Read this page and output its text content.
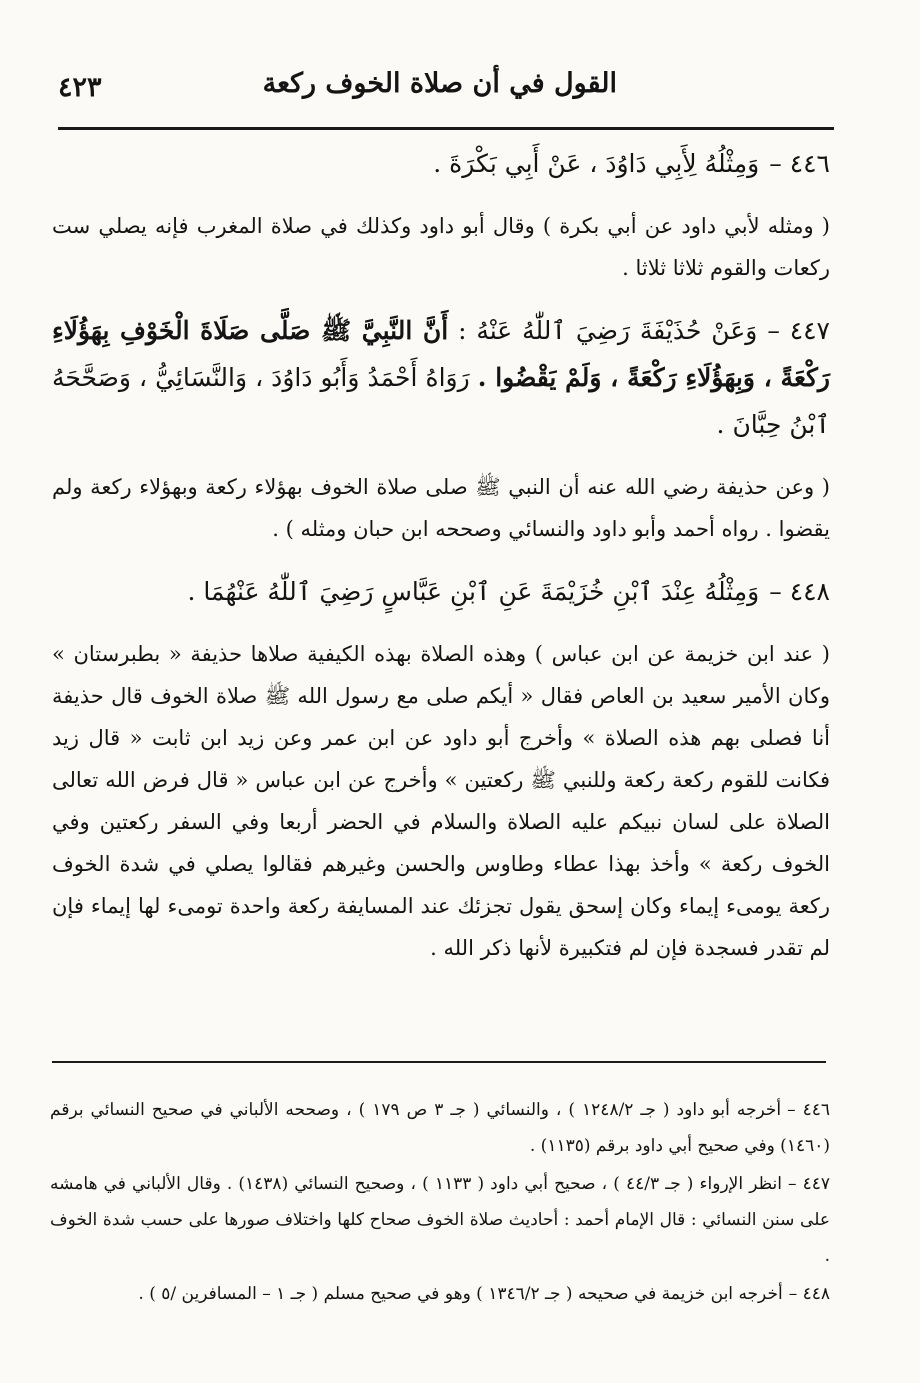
القول في أن صلاة الخوف ركعة
٤٢٣

٤٤٦ –وَمِثْلُهُ لِأَبِي دَاوُدَ ، عَنْ أَبِي بَكْرَةَ .

( ومثله لأبي داود عن أبي بكرة ) وقال أبو داود وكذلك في صلاة المغرب فإنه يصلي ست ركعات والقوم ثلاثا ثلاثا .

٤٤٧ –وَعَنْ حُذَيْفَةَ رَضِيَ ٱللّٰهُ عَنْهُ : أَنَّ النَّبِيَّ ﷺ صَلَّى صَلَاةَ الْخَوْفِ بِهَؤُلَاءِ رَكْعَةً ، وَبِهَؤُلَاءِ رَكْعَةً ، وَلَمْ يَقْضُوا . رَوَاهُ أَحْمَدُ وَأَبُو دَاوُدَ ، وَالنَّسَائِيُّ ، وَصَحَّحَهُ ٱبْنُ حِبَّانَ .

( وعن حذيفة رضي الله عنه أن النبي ﷺ صلى صلاة الخوف بهؤلاء ركعة وبهؤلاء ركعة ولم يقضوا . رواه أحمد وأبو داود والنسائي وصححه ابن حبان ومثله ) .

٤٤٨ –وَمِثْلُهُ عِنْدَ ٱبْنِ خُزَيْمَةَ عَنِ ٱبْنِ عَبَّاسٍ رَضِيَ ٱللّٰهُ عَنْهُمَا .

( عند ابن خزيمة عن ابن عباس ) وهذه الصلاة بهذه الكيفية صلاها حذيفة « بطبرستان » وكان الأمير سعيد بن العاص فقال « أيكم صلى مع رسول الله ﷺ صلاة الخوف قال حذيفة أنا فصلى بهم هذه الصلاة » وأخرج أبو داود عن ابن عمر وعن زيد ابن ثابت « قال زيد فكانت للقوم ركعة ركعة وللنبي ﷺ ركعتين » وأخرج عن ابن عباس « قال فرض الله تعالى الصلاة على لسان نبيكم عليه الصلاة والسلام في الحضر أربعا وفي السفر ركعتين وفي الخوف ركعة » وأخذ بهذا عطاء وطاوس والحسن وغيرهم فقالوا يصلي في شدة الخوف ركعة يومىء إيماء وكان إسحق يقول تجزئك عند المسايفة ركعة واحدة تومىء لها إيماء فإن لم تقدر فسجدة فإن لم فتكبيرة لأنها ذكر الله .

٤٤٦ –أخرجه أبو داود ( جـ ١٢٤٨/٢ ) ، والنسائي ( جـ ٣ ص ١٧٩ ) ، وصححه الألباني في صحيح النسائي برقم (١٤٦٠) وفي صحيح أبي داود برقم (١١٣٥) .

٤٤٧ –انظر الإرواء ( جـ ٤٤/٣ ) ، صحيح أبي داود ( ١١٣٣ ) ، وصحيح النسائي (١٤٣٨) . وقال الألباني في هامشه على سنن النسائي : قال الإمام أحمد : أحاديث صلاة الخوف صحاح كلها واختلاف صورها على حسب شدة الخوف .

٤٤٨ –أخرجه ابن خزيمة في صحيحه ( جـ ١٣٤٦/٢ ) وهو في صحيح مسلم ( جـ ١ – المسافرين /٥ ) .
